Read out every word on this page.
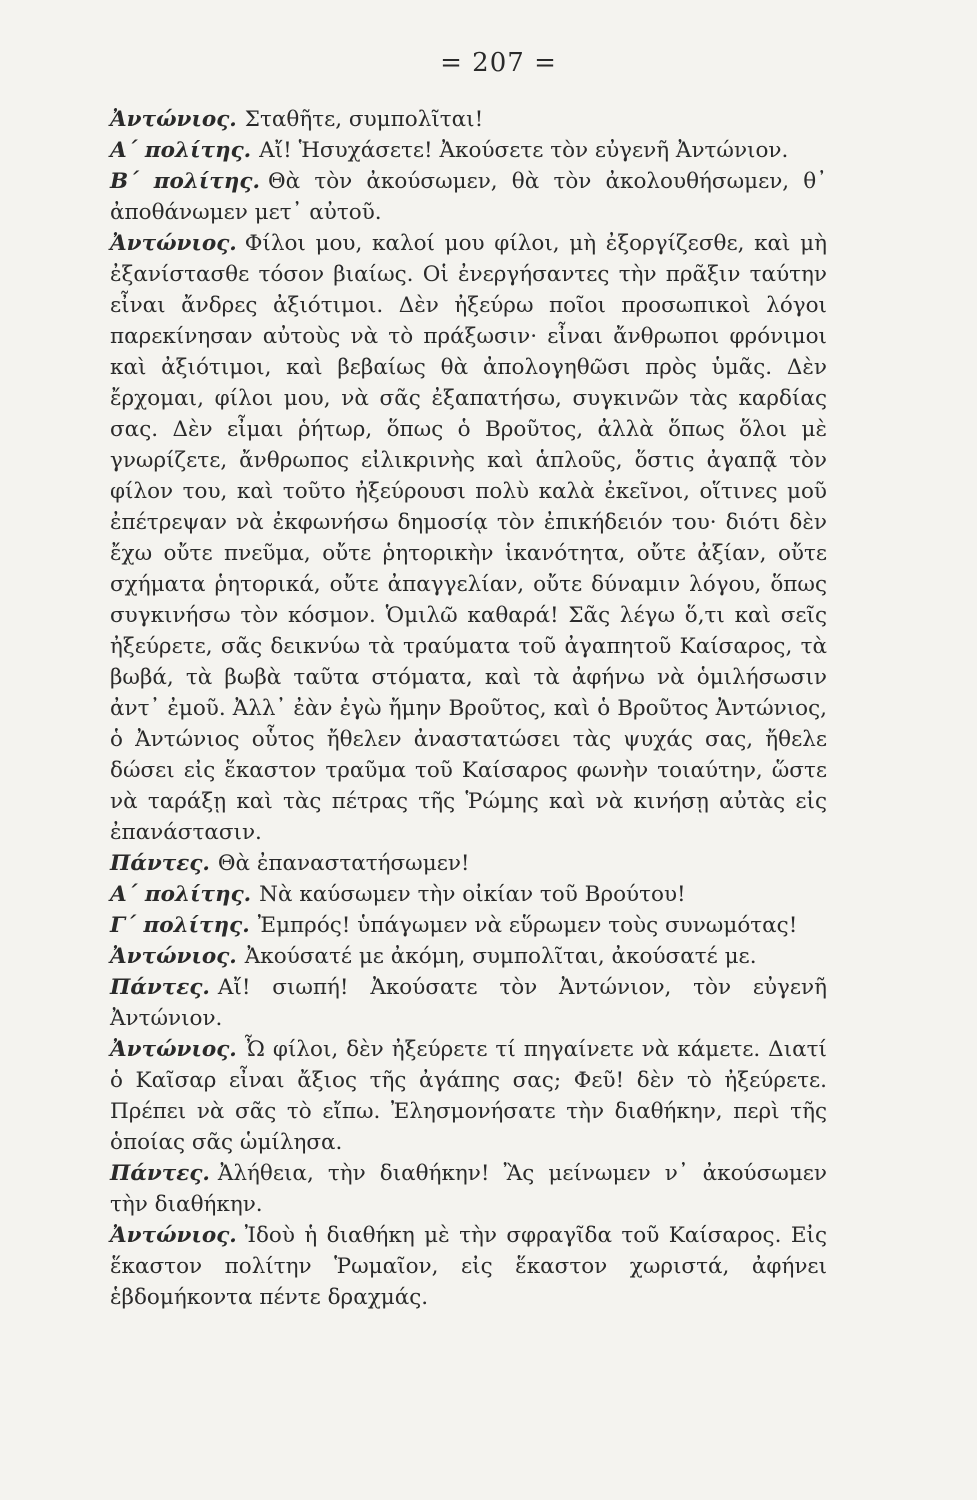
= 207 =

Ἀντώνιος. Σταθῆτε, συμπολῖται!

Α΄ πολίτης. Αἴ! Ἡσυχάσετε! Ἀκούσετε τὸν εὐγενῆ Ἀντώνιον.

Β΄ πολίτης. Θὰ τὸν ἀκούσωμεν, θὰ τὸν ἀκολουθήσωμεν, θ᾽ ἀποθάνωμεν μετ᾽ αὐτοῦ.

Ἀντώνιος. Φίλοι μου, καλοί μου φίλοι, μὴ ἐξοργίζεσθε, καὶ μὴ ἐξανίστασθε τόσον βιαίως. Οἱ ἐνεργήσαντες τὴν πρᾶξιν ταύτην εἶναι ἄνδρες ἀξιότιμοι. Δὲν ἠξεύρω ποῖοι προσωπικοὶ λόγοι παρεκίνησαν αὐτοὺς νὰ τὸ πράξωσιν· εἶναι ἄνθρωποι φρόνιμοι καὶ ἀξιότιμοι, καὶ βεβαίως θὰ ἀπολογηθῶσι πρὸς ὑμᾶς. Δὲν ἔρχομαι, φίλοι μου, νὰ σᾶς ἐξαπατήσω, συγκινῶν τὰς καρδίας σας. Δὲν εἶμαι ῥήτωρ, ὅπως ὁ Βροῦτος, ἀλλὰ ὅπως ὅλοι μὲ γνωρίζετε, ἄνθρωπος εἰλικρινὴς καὶ ἁπλοῦς, ὅστις ἀγαπᾷ τὸν φίλον του, καὶ τοῦτο ἠξεύρουσι πολὺ καλὰ ἐκεῖνοι, οἵτινες μοῦ ἐπέτρεψαν νὰ ἐκφωνήσω δημοσίᾳ τὸν ἐπικήδειόν του· διότι δὲν ἔχω οὔτε πνεῦμα, οὔτε ῥητορικὴν ἱκανότητα, οὔτε ἀξίαν, οὔτε σχήματα ῥητορικά, οὔτε ἀπαγγελίαν, οὔτε δύναμιν λόγου, ὅπως συγκινήσω τὸν κόσμον. Ὁμιλῶ καθαρά! Σᾶς λέγω ὅ,τι καὶ σεῖς ἠξεύρετε, σᾶς δεικνύω τὰ τραύματα τοῦ ἀγαπητοῦ Καίσαρος, τὰ βωβά, τὰ βωβὰ ταῦτα στόματα, καὶ τὰ ἀφήνω νὰ ὁμιλήσωσιν ἀντ᾽ ἐμοῦ. Ἀλλ᾽ ἐὰν ἐγὼ ἤμην Βροῦτος, καὶ ὁ Βροῦτος Ἀντώνιος, ὁ Ἀντώνιος οὗτος ἤθελεν ἀναστατώσει τὰς ψυχάς σας, ἤθελε δώσει εἰς ἕκαστον τραῦμα τοῦ Καίσαρος φωνὴν τοιαύτην, ὥστε νὰ ταράξῃ καὶ τὰς πέτρας τῆς Ῥώμης καὶ νὰ κινήσῃ αὐτὰς εἰς ἐπανάστασιν.

Πάντες. Θὰ ἐπαναστατήσωμεν!

Α΄ πολίτης. Νὰ καύσωμεν τὴν οἰκίαν τοῦ Βρούτου!

Γ΄ πολίτης. Ἐμπρός! ὑπάγωμεν νὰ εὕρωμεν τοὺς συνωμότας!

Ἀντώνιος. Ἀκούσατέ με ἀκόμη, συμπολῖται, ἀκούσατέ με.

Πάντες. Αἴ! σιωπή! Ἀκούσατε τὸν Ἀντώνιον, τὸν εὐγενῆ Ἀντώνιον.

Ἀντώνιος. Ὦ φίλοι, δὲν ἠξεύρετε τί πηγαίνετε νὰ κάμετε. Διατί ὁ Καῖσαρ εἶναι ἄξιος τῆς ἀγάπης σας; Φεῦ! δὲν τὸ ἠξεύρετε. Πρέπει νὰ σᾶς τὸ εἴπω. Ἐλησμονήσατε τὴν διαθήκην, περὶ τῆς ὁποίας σᾶς ὡμίλησα.

Πάντες. Ἀλήθεια, τὴν διαθήκην! Ἂς μείνωμεν ν᾽ ἀκούσωμεν τὴν διαθήκην.

Ἀντώνιος. Ἰδοὺ ἡ διαθήκη μὲ τὴν σφραγῖδα τοῦ Καίσαρος. Εἰς ἕκαστον πολίτην Ῥωμαῖον, εἰς ἕκαστον χωριστά, ἀφήνει ἑβδομήκοντα πέντε δραχμάς.
